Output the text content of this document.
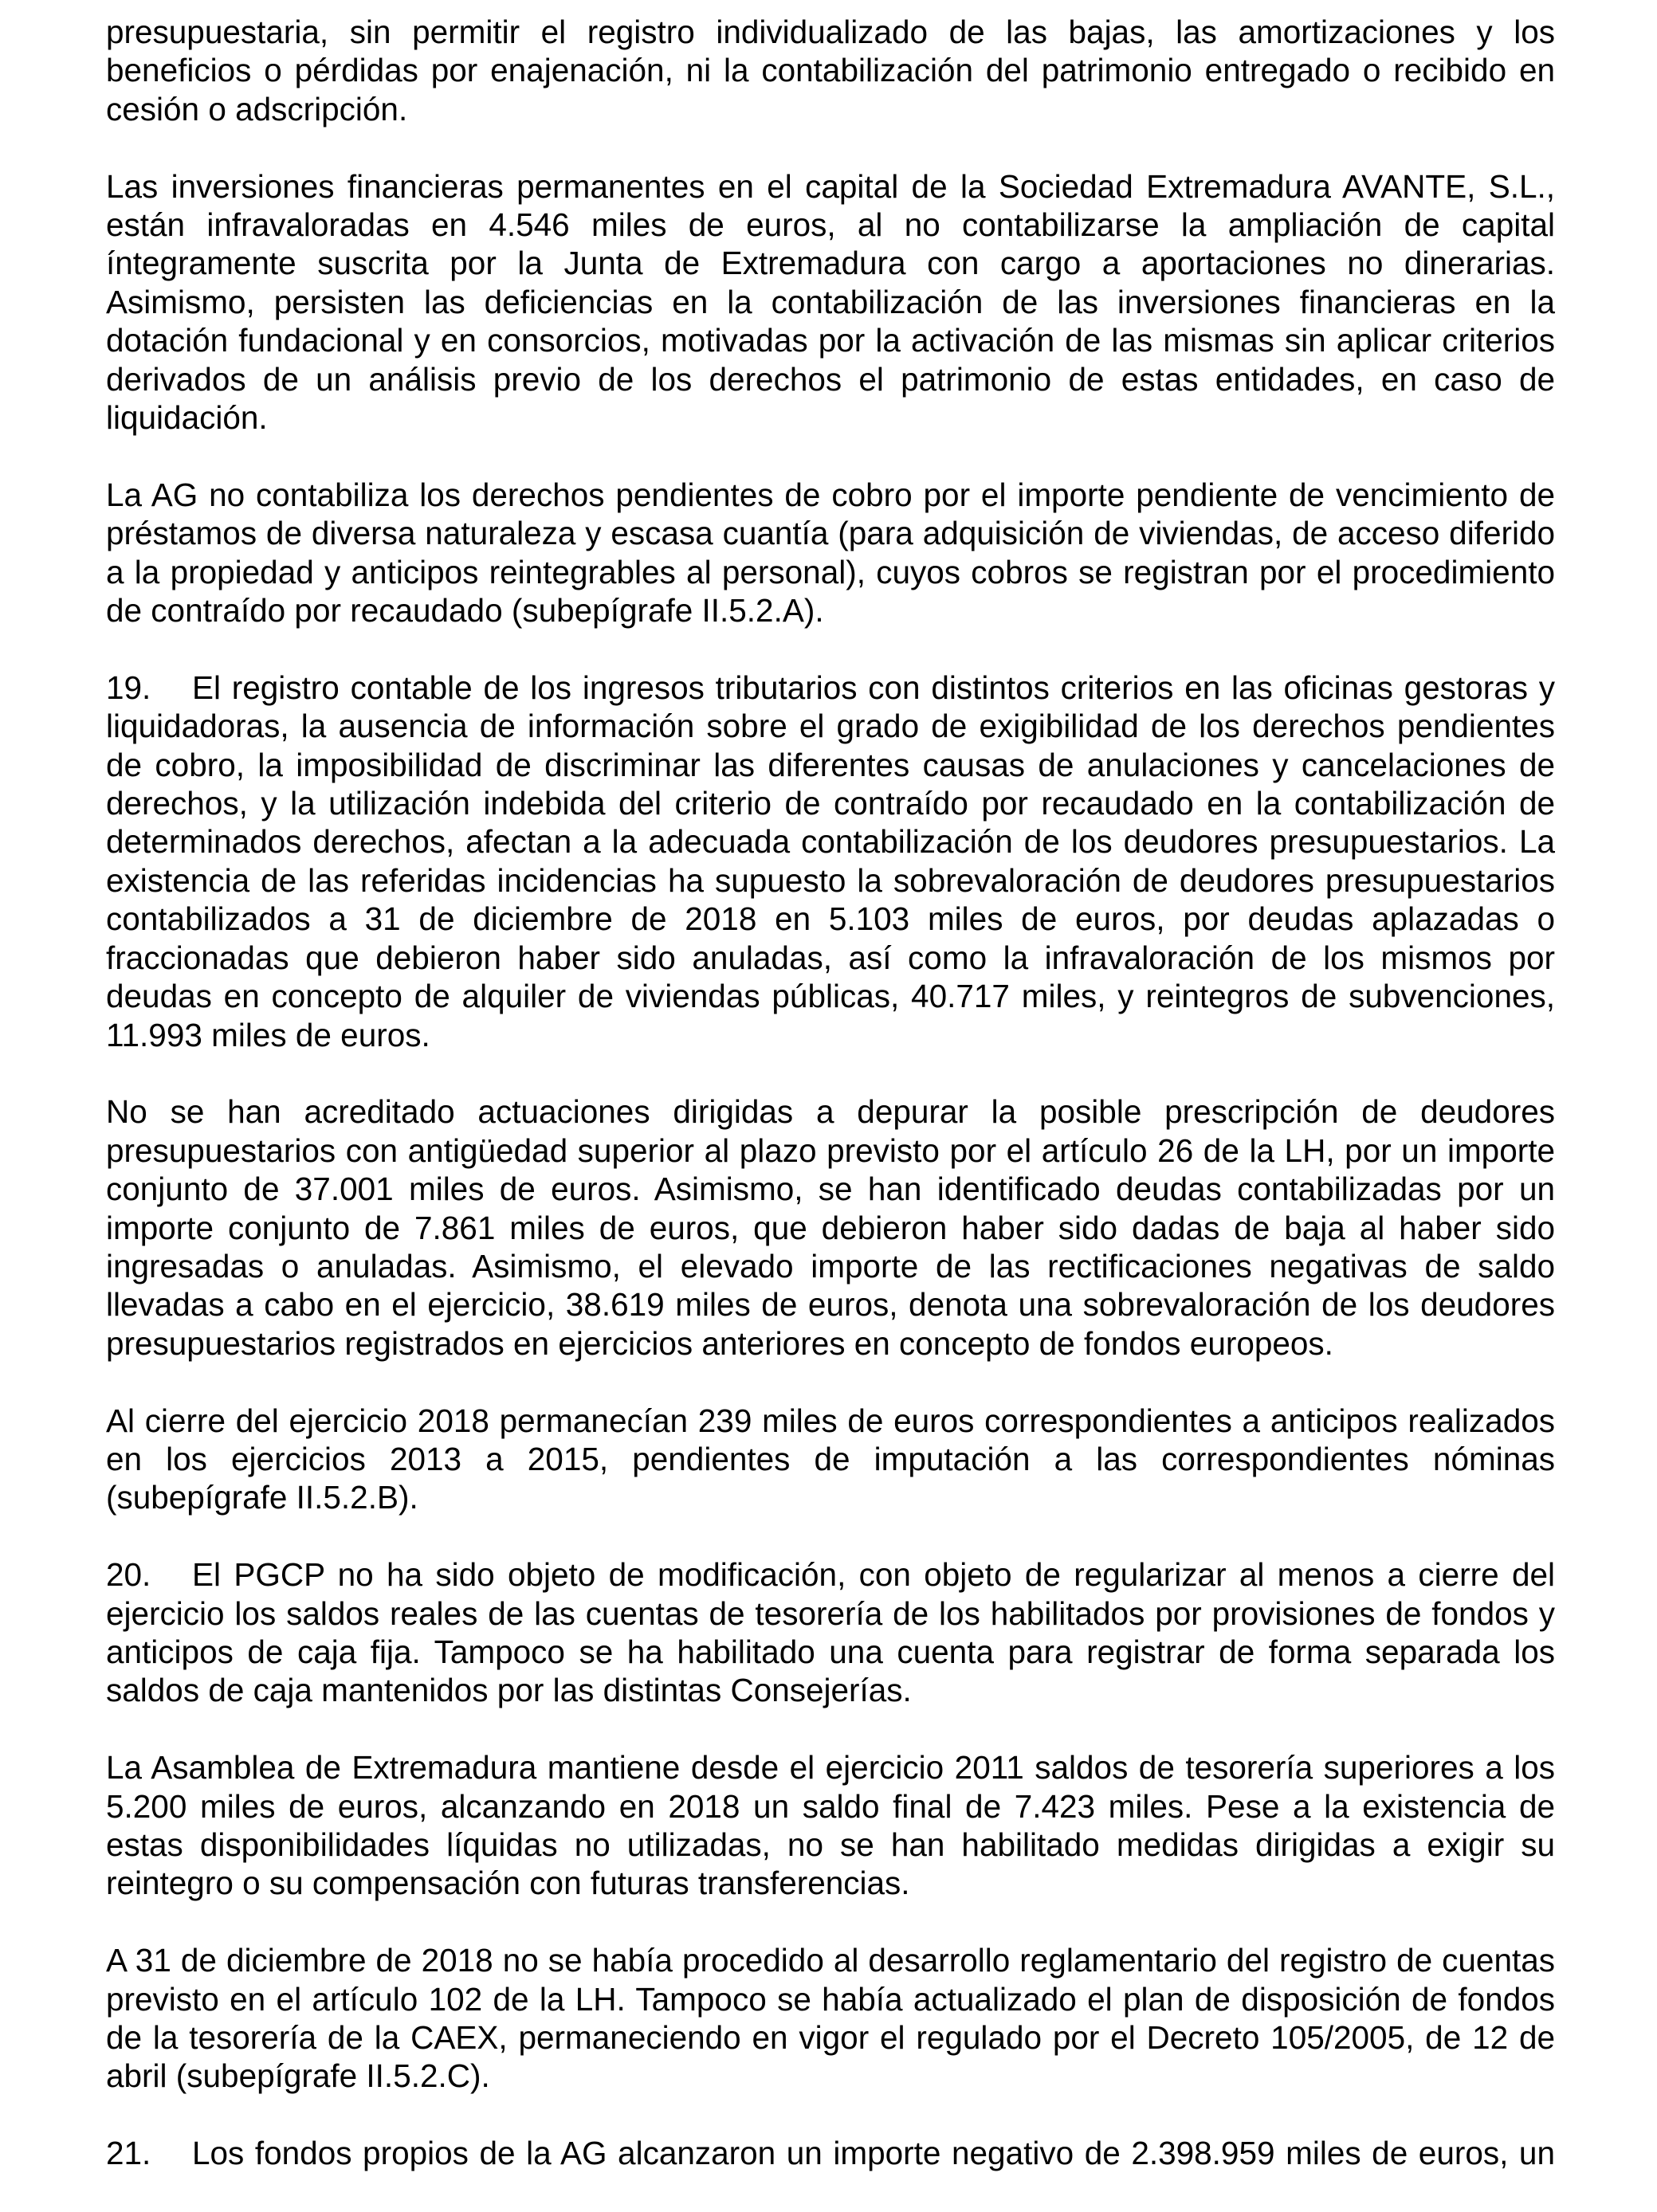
presupuestaria, sin permitir el registro individualizado de las bajas, las amortizaciones y los beneficios o pérdidas por enajenación, ni la contabilización del patrimonio entregado o recibido en cesión o adscripción.

Las inversiones financieras permanentes en el capital de la Sociedad Extremadura AVANTE, S.L., están infravaloradas en 4.546 miles de euros, al no contabilizarse la ampliación de capital íntegramente suscrita por la Junta de Extremadura con cargo a aportaciones no dinerarias. Asimismo, persisten las deficiencias en la contabilización de las inversiones financieras en la dotación fundacional y en consorcios, motivadas por la activación de las mismas sin aplicar criterios derivados de un análisis previo de los derechos el patrimonio de estas entidades, en caso de liquidación.

La AG no contabiliza los derechos pendientes de cobro por el importe pendiente de vencimiento de préstamos de diversa naturaleza y escasa cuantía (para adquisición de viviendas, de acceso diferido a la propiedad y anticipos reintegrables al personal), cuyos cobros se registran por el procedimiento de contraído por recaudado (subepígrafe II.5.2.A).

19. El registro contable de los ingresos tributarios con distintos criterios en las oficinas gestoras y liquidadoras, la ausencia de información sobre el grado de exigibilidad de los derechos pendientes de cobro, la imposibilidad de discriminar las diferentes causas de anulaciones y cancelaciones de derechos, y la utilización indebida del criterio de contraído por recaudado en la contabilización de determinados derechos, afectan a la adecuada contabilización de los deudores presupuestarios. La existencia de las referidas incidencias ha supuesto la sobrevaloración de deudores presupuestarios contabilizados a 31 de diciembre de 2018 en 5.103 miles de euros, por deudas aplazadas o fraccionadas que debieron haber sido anuladas, así como la infravaloración de los mismos por deudas en concepto de alquiler de viviendas públicas, 40.717 miles, y reintegros de subvenciones, 11.993 miles de euros.

No se han acreditado actuaciones dirigidas a depurar la posible prescripción de deudores presupuestarios con antigüedad superior al plazo previsto por el artículo 26 de la LH, por un importe conjunto de 37.001 miles de euros. Asimismo, se han identificado deudas contabilizadas por un importe conjunto de 7.861 miles de euros, que debieron haber sido dadas de baja al haber sido ingresadas o anuladas. Asimismo, el elevado importe de las rectificaciones negativas de saldo llevadas a cabo en el ejercicio, 38.619 miles de euros, denota una sobrevaloración de los deudores presupuestarios registrados en ejercicios anteriores en concepto de fondos europeos.

Al cierre del ejercicio 2018 permanecían 239 miles de euros correspondientes a anticipos realizados en los ejercicios 2013 a 2015, pendientes de imputación a las correspondientes nóminas (subepígrafe II.5.2.B).

20. El PGCP no ha sido objeto de modificación, con objeto de regularizar al menos a cierre del ejercicio los saldos reales de las cuentas de tesorería de los habilitados por provisiones de fondos y anticipos de caja fija. Tampoco se ha habilitado una cuenta para registrar de forma separada los saldos de caja mantenidos por las distintas Consejerías.

La Asamblea de Extremadura mantiene desde el ejercicio 2011 saldos de tesorería superiores a los 5.200 miles de euros, alcanzando en 2018 un saldo final de 7.423 miles. Pese a la existencia de estas disponibilidades líquidas no utilizadas, no se han habilitado medidas dirigidas a exigir su reintegro o su compensación con futuras transferencias.

A 31 de diciembre de 2018 no se había procedido al desarrollo reglamentario del registro de cuentas previsto en el artículo 102 de la LH. Tampoco se había actualizado el plan de disposición de fondos de la tesorería de la CAEX, permaneciendo en vigor el regulado por el Decreto 105/2005, de 12 de abril (subepígrafe II.5.2.C).

21. Los fondos propios de la AG alcanzaron un importe negativo de 2.398.959 miles de euros, un
